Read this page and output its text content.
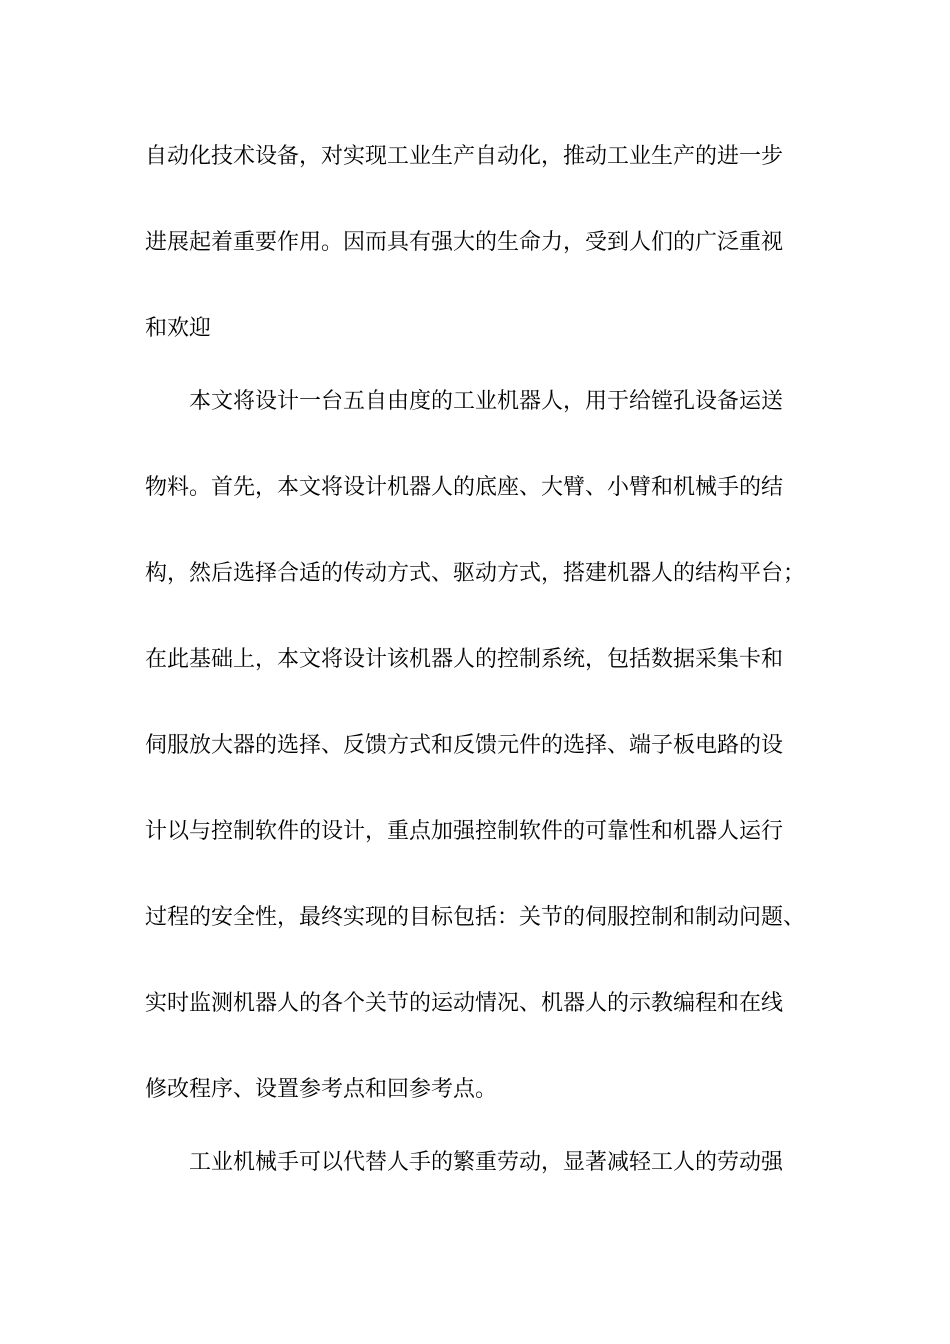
自动化技术设备，对实现工业生产自动化，推动工业生产的进一步
进展起着重要作用。因而具有强大的生命力，受到人们的广泛重视
和欢迎
本文将设计一台五自由度的工业机器人，用于给镗孔设备运送
物料。首先，本文将设计机器人的底座、大臂、小臂和机械手的结
构，然后选择合适的传动方式、驱动方式，搭建机器人的结构平台；
在此基础上，本文将设计该机器人的控制系统，包括数据采集卡和
伺服放大器的选择、反馈方式和反馈元件的选择、端子板电路的设
计以与控制软件的设计，重点加强控制软件的可靠性和机器人运行
过程的安全性，最终实现的目标包括：关节的伺服控制和制动问题、
实时监测机器人的各个关节的运动情况、机器人的示教编程和在线
修改程序、设置参考点和回参考点。
工业机械手可以代替人手的繁重劳动，显著减轻工人的劳动强
